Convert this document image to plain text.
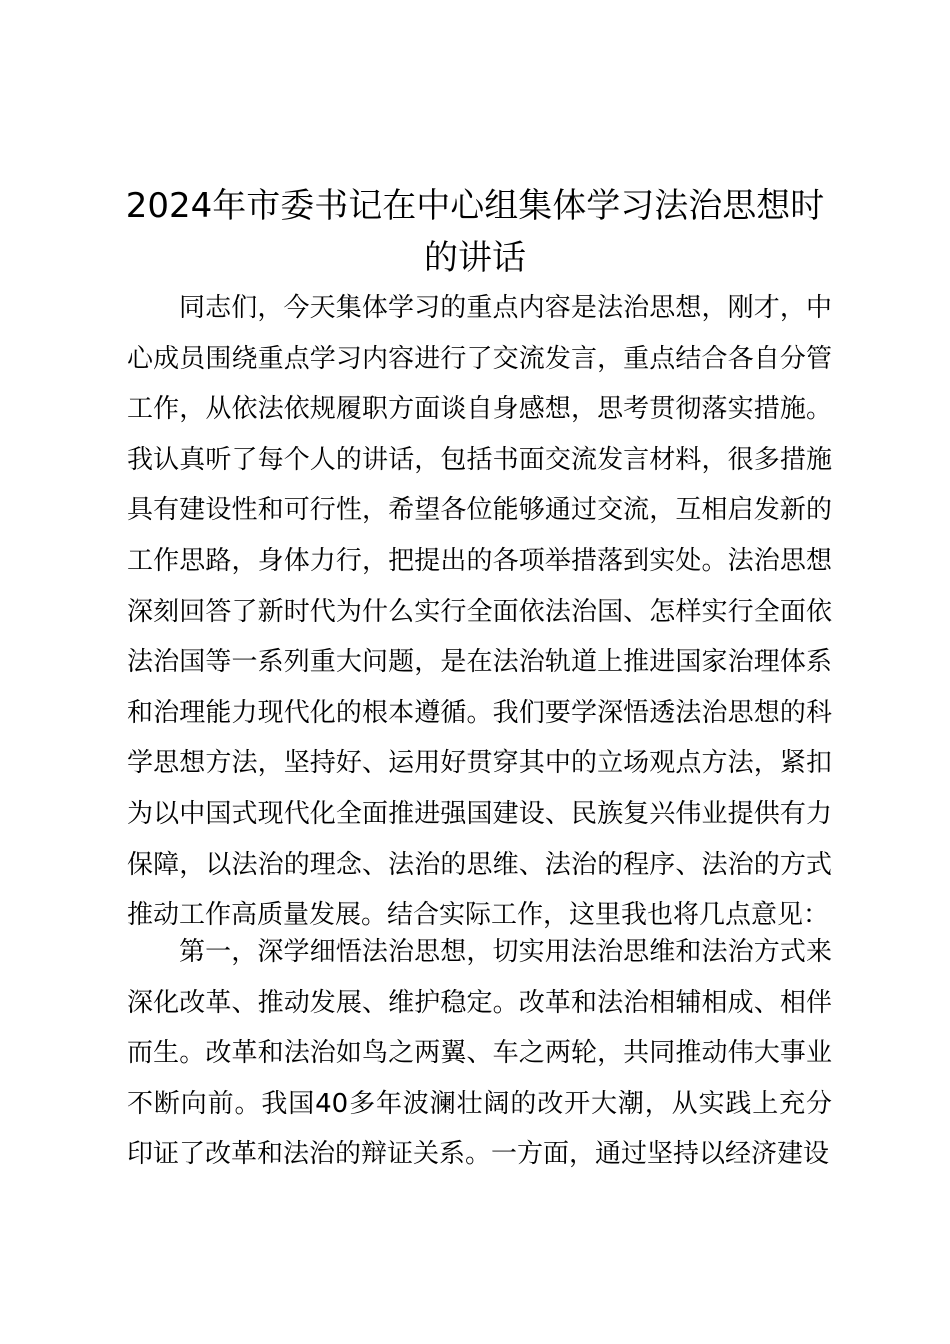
2024年市委书记在中心组集体学习法治思想时的讲话

同志们，今天集体学习的重点内容是法治思想，刚才，中心成员围绕重点学习内容进行了交流发言，重点结合各自分管工作，从依法依规履职方面谈自身感想，思考贯彻落实措施。我认真听了每个人的讲话，包括书面交流发言材料，很多措施具有建设性和可行性，希望各位能够通过交流，互相启发新的工作思路，身体力行，把提出的各项举措落到实处。法治思想深刻回答了新时代为什么实行全面依法治国、怎样实行全面依法治国等一系列重大问题，是在法治轨道上推进国家治理体系和治理能力现代化的根本遵循。我们要学深悟透法治思想的科学思想方法，坚持好、运用好贯穿其中的立场观点方法，紧扣为以中国式现代化全面推进强国建设、民族复兴伟业提供有力保障，以法治的理念、法治的思维、法治的程序、法治的方式推动工作高质量发展。结合实际工作，这里我也将几点意见：

第一，深学细悟法治思想，切实用法治思维和法治方式来深化改革、推动发展、维护稳定。改革和法治相辅相成、相伴而生。改革和法治如鸟之两翼、车之两轮，共同推动伟大事业不断向前。我国40多年波澜壮阔的改开大潮，从实践上充分印证了改革和法治的辩证关系。一方面，通过坚持以经济建设
